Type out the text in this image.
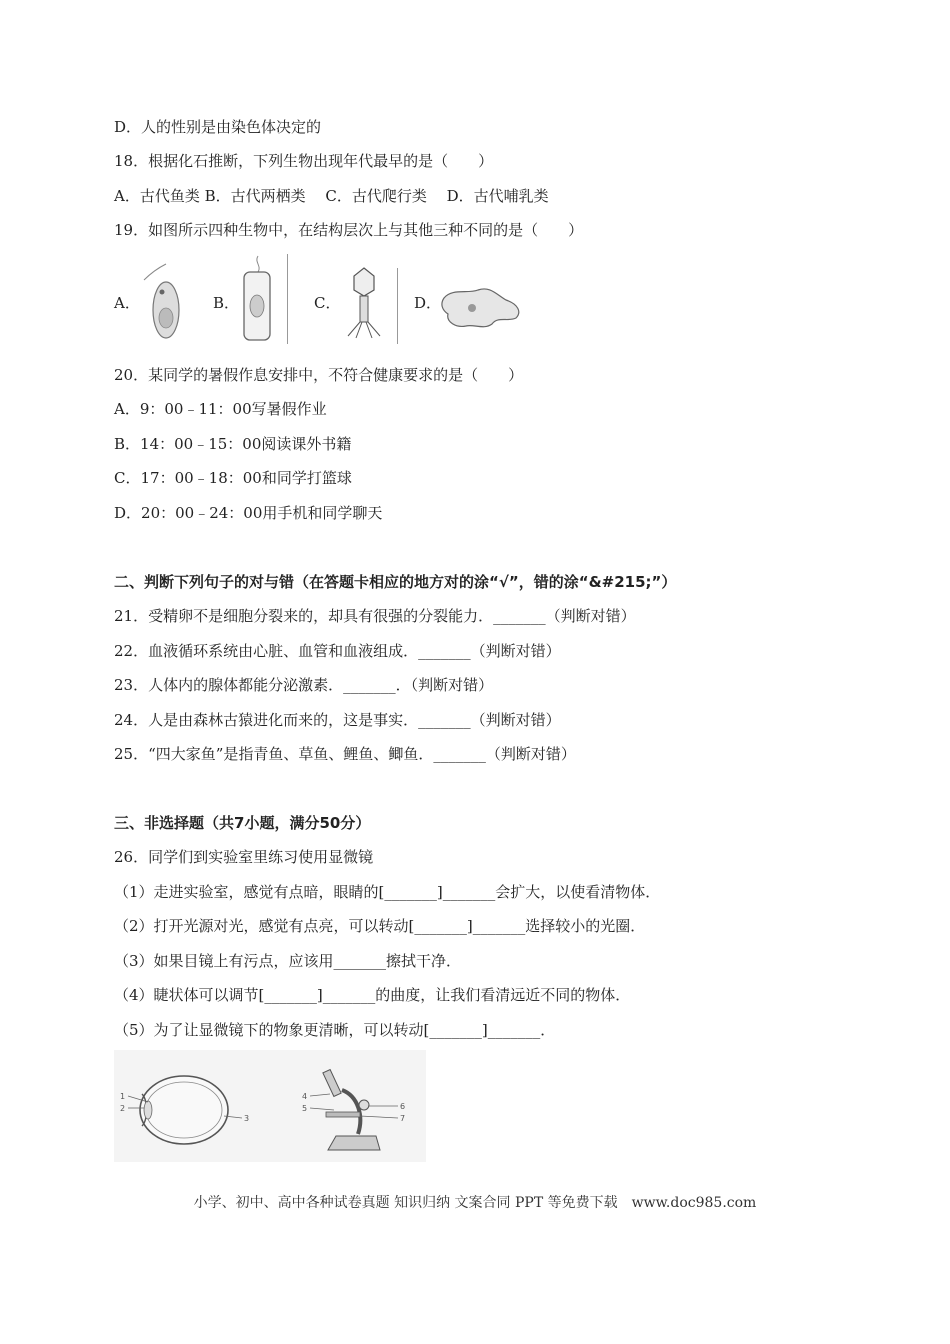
D．人的性别是由染色体决定的
18．根据化石推断，下列生物出现年代最早的是（　　）
A．古代鱼类 B．古代两栖类　 C．古代爬行类　 D．古代哺乳类
19．如图所示四种生物中，在结构层次上与其他三种不同的是（　　）
A．	B．	C．	D．
20．某同学的暑假作息安排中，不符合健康要求的是（　　）
A．9：00﹣11：00写暑假作业
B．14：00﹣15：00阅读课外书籍
C．17：00﹣18：00和同学打篮球
D．20：00﹣24：00用手机和同学聊天
二、判断下列句子的对与错（在答题卡相应的地方对的涂“√”，错的涂“&#215;”）
21．受精卵不是细胞分裂来的，却具有很强的分裂能力．_______（判断对错）
22．血液循环系统由心脏、血管和血液组成．_______（判断对错）
23．人体内的腺体都能分泌激素．_______．（判断对错）
24．人是由森林古猿进化而来的，这是事实．_______（判断对错）
25．“四大家鱼”是指青鱼、草鱼、鲤鱼、鲫鱼．_______（判断对错）
三、非选择题（共7小题，满分50分）
26．同学们到实验室里练习使用显微镜
（1）走进实验室，感觉有点暗，眼睛的[_______]_______会扩大，以使看清物体．
（2）打开光源对光，感觉有点亮，可以转动[_______]_______选择较小的光圈．
（3）如果目镜上有污点，应该用_______擦拭干净．
（4）睫状体可以调节[_______]_______的曲度，让我们看清远近不同的物体．
（5）为了让显微镜下的物象更清晰，可以转动[_______]_______．
1
2
3
4
5	6
7
小学、初中、高中各种试卷真题 知识归纳 文案合同 PPT 等免费下载　www.doc985.com
